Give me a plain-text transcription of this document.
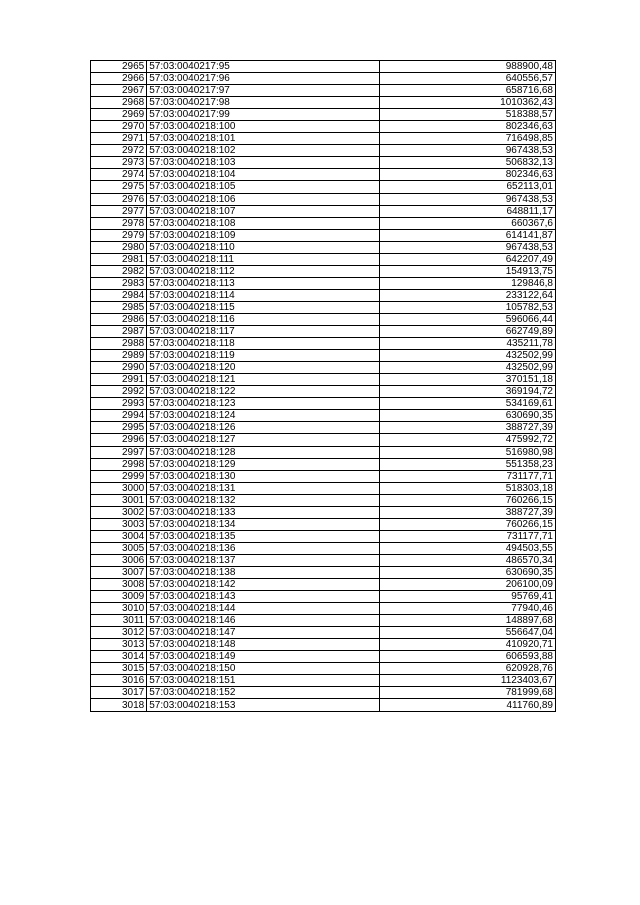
2965	57:03:0040217:95	988900,48
2966	57:03:0040217:96	640556,57
2967	57:03:0040217:97	658716,68
2968	57:03:0040217:98	1010362,43
2969	57:03:0040217:99	518388,57
2970	57:03:0040218:100	802346,63
2971	57:03:0040218:101	716498,85
2972	57:03:0040218:102	967438,53
2973	57:03:0040218:103	506832,13
2974	57:03:0040218:104	802346,63
2975	57:03:0040218:105	652113,01
2976	57:03:0040218:106	967438,53
2977	57:03:0040218:107	648811,17
2978	57:03:0040218:108	660367,6
2979	57:03:0040218:109	614141,87
2980	57:03:0040218:110	967438,53
2981	57:03:0040218:111	642207,49
2982	57:03:0040218:112	154913,75
2983	57:03:0040218:113	129846,8
2984	57:03:0040218:114	233122,64
2985	57:03:0040218:115	105782,53
2986	57:03:0040218:116	596066,44
2987	57:03:0040218:117	662749,89
2988	57:03:0040218:118	435211,78
2989	57:03:0040218:119	432502,99
2990	57:03:0040218:120	432502,99
2991	57:03:0040218:121	370151,18
2992	57:03:0040218:122	369194,72
2993	57:03:0040218:123	534169,61
2994	57:03:0040218:124	630690,35
2995	57:03:0040218:126	388727,39
2996	57:03:0040218:127	475992,72
2997	57:03:0040218:128	516980,98
2998	57:03:0040218:129	551358,23
2999	57:03:0040218:130	731177,71
3000	57:03:0040218:131	518303,18
3001	57:03:0040218:132	760266,15
3002	57:03:0040218:133	388727,39
3003	57:03:0040218:134	760266,15
3004	57:03:0040218:135	731177,71
3005	57:03:0040218:136	494503,55
3006	57:03:0040218:137	486570,34
3007	57:03:0040218:138	630690,35
3008	57:03:0040218:142	206100,09
3009	57:03:0040218:143	95769,41
3010	57:03:0040218:144	77940,46
3011	57:03:0040218:146	148897,68
3012	57:03:0040218:147	556647,04
3013	57:03:0040218:148	410920,71
3014	57:03:0040218:149	606593,88
3015	57:03:0040218:150	620928,76
3016	57:03:0040218:151	1123403,67
3017	57:03:0040218:152	781999,68
3018	57:03:0040218:153	411760,89
